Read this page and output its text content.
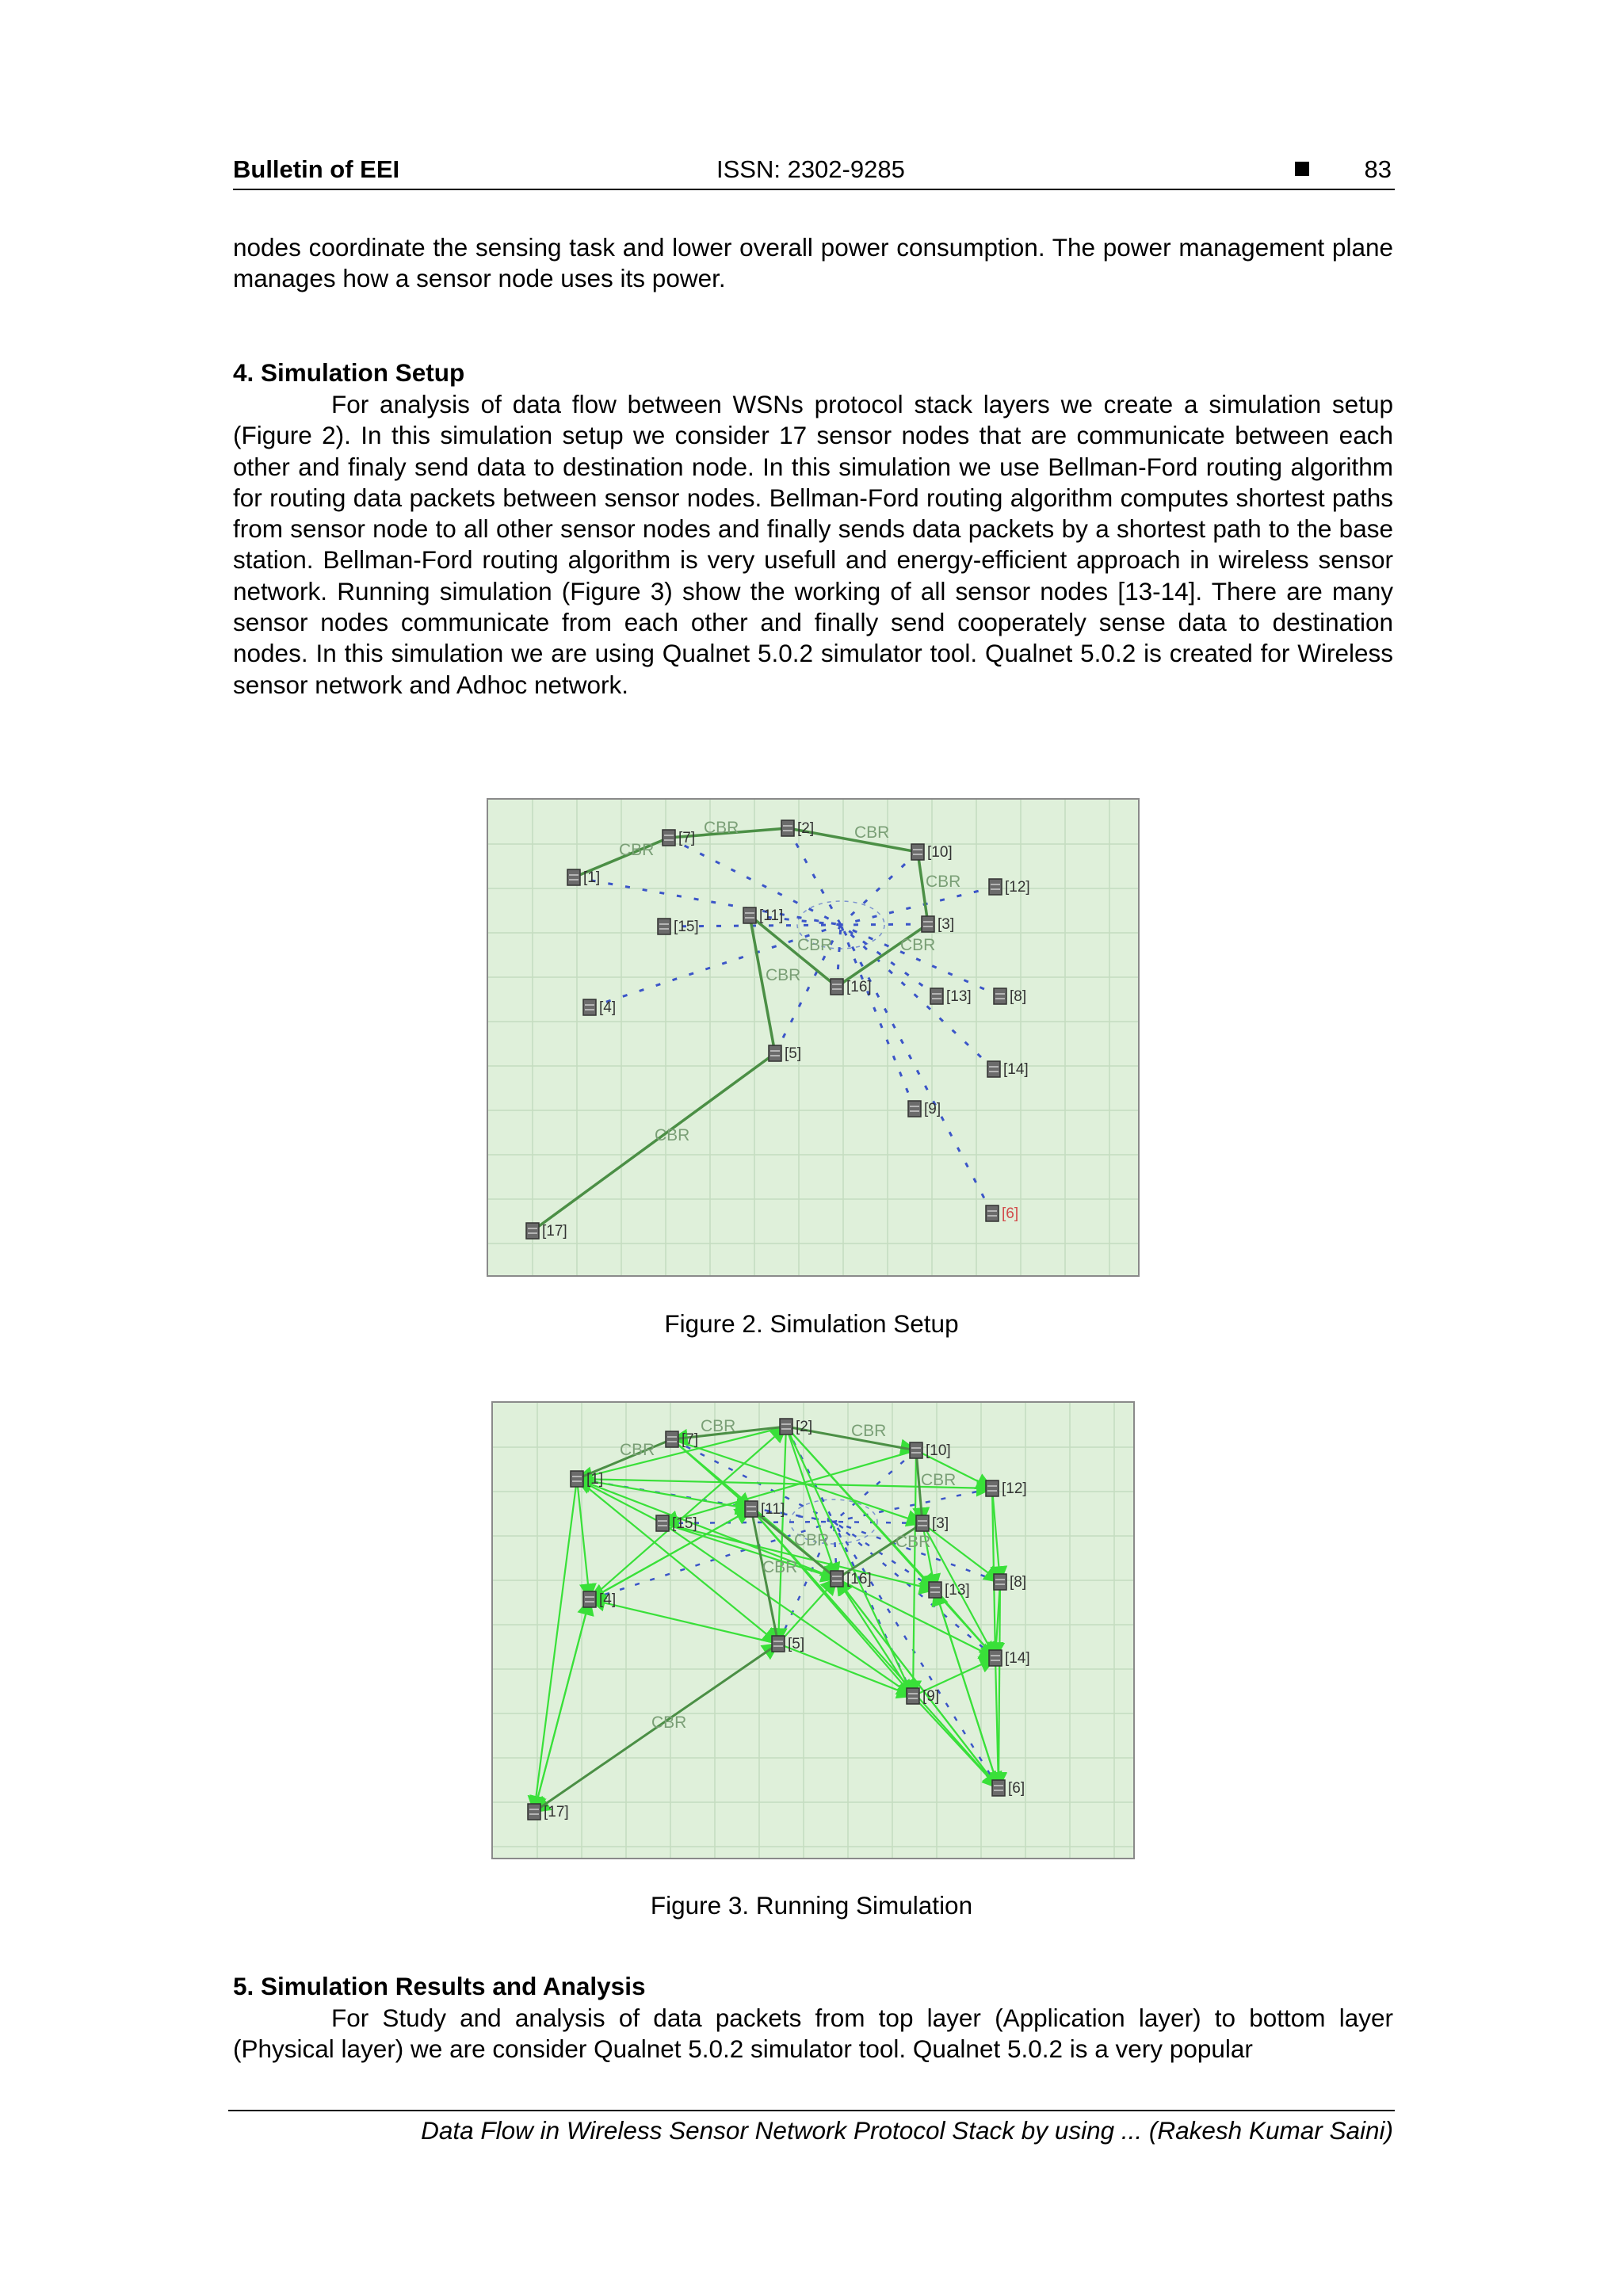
Bulletin of EEI	ISSN: 2302-9285	83
nodes coordinate the sensing task and lower overall power consumption. The power management plane manages how a sensor node uses its power.
4. Simulation Setup
For analysis of data flow between WSNs protocol stack layers we create a simulation setup (Figure 2). In this simulation setup we consider 17 sensor nodes that are communicate between each other and finaly send data to destination node. In this simulation we use Bellman-Ford routing algorithm for routing data packets between sensor nodes. Bellman-Ford routing algorithm computes shortest paths from sensor node to all other sensor nodes and finally sends data packets by a shortest path to the base station. Bellman-Ford routing algorithm is very usefull and energy-efficient approach in wireless sensor network. Running simulation (Figure 3) show the working of all sensor nodes [13-14]. There are many sensor nodes communicate from each other and finally send cooperately sense data to destination nodes. In this simulation we are using Qualnet 5.0.2 simulator tool. Qualnet 5.0.2 is created for Wireless sensor network and Adhoc network.
CBR
CBR	CBR
CBR
CBR
CBR
CBR
CBR
[1]
[2]
[3]
[4]
[5]
[6]
[7]
[8]
[9]
[10]
[11]
[12]
[13]
[14]
[15]
[16]
[17]
Figure 2. Simulation Setup
CBR
CBR	CBR
CBR
CBR
CBR
CBR
CBR
[1]
[2]
[3]
[4]
[5]
[6]
[7]
[8]
[9]
[10]
[11]
[12]
[13]
[14]
[15]
[16]
[17]
Figure 3. Running Simulation
5. Simulation Results and Analysis
For Study and analysis of data packets from top layer (Application layer) to bottom layer (Physical layer) we are consider Qualnet 5.0.2 simulator tool. Qualnet 5.0.2 is a very popular
Data Flow in Wireless Sensor Network Protocol Stack by using ... (Rakesh Kumar Saini)
